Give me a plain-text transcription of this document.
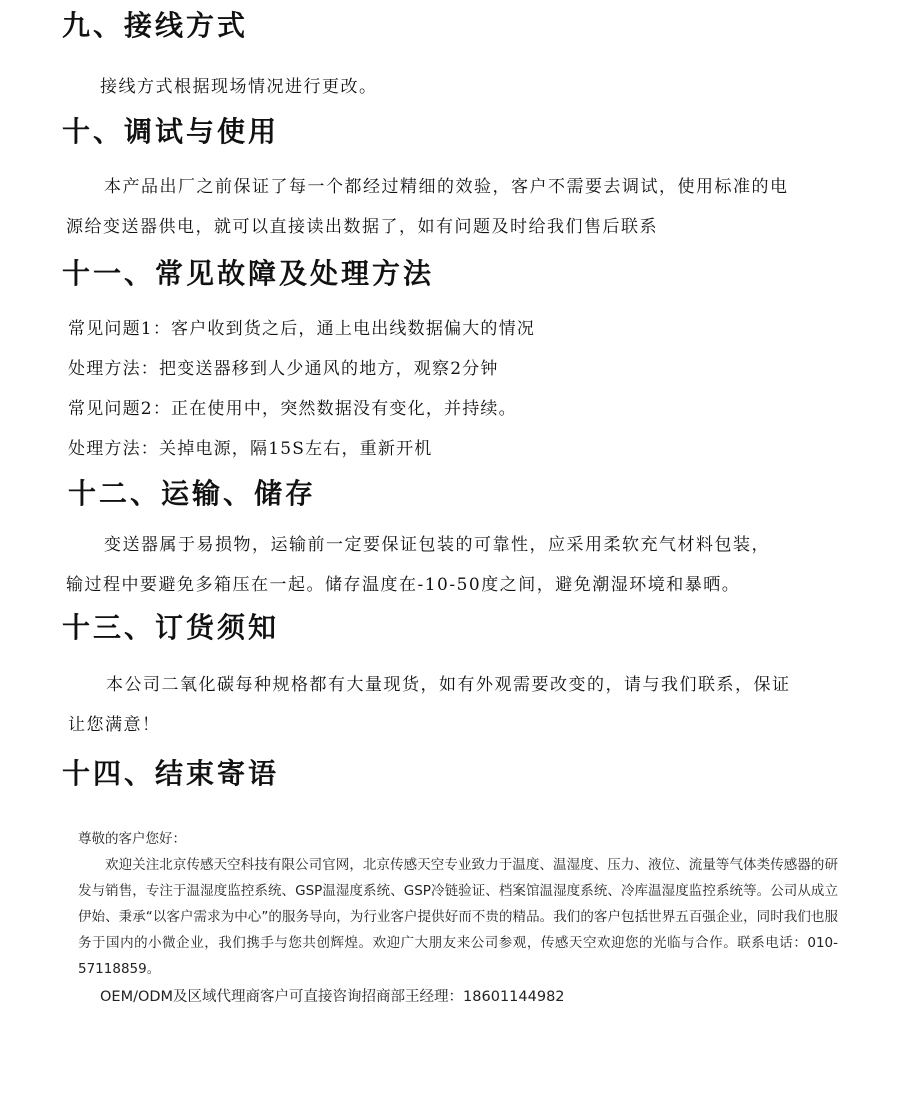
九、接线方式

接线方式根据现场情况进行更改。

十、调试与使用

本产品出厂之前保证了每一个都经过精细的效验，客户不需要去调试，使用标准的电

源给变送器供电，就可以直接读出数据了，如有问题及时给我们售后联系

十一、常见故障及处理方法

常见问题1：客户收到货之后，通上电出线数据偏大的情况

处理方法：把变送器移到人少通风的地方，观察2分钟

常见问题2：正在使用中，突然数据没有变化，并持续。

处理方法：关掉电源，隔15S左右，重新开机

十二、运输、储存

变送器属于易损物，运输前一定要保证包装的可靠性，应采用柔软充气材料包装，

输过程中要避免多箱压在一起。储存温度在-10-50度之间，避免潮湿环境和暴晒。

十三、订货须知

本公司二氧化碳每种规格都有大量现货，如有外观需要改变的，请与我们联系，保证

让您满意！

十四、结束寄语

尊敬的客户您好：

欢迎关注北京传感天空科技有限公司官网，北京传感天空专业致力于温度、温湿度、压力、液位、流量等气体类传感器的研发与销售，专注于温湿度监控系统、GSP温湿度系统、GSP冷链验证、档案馆温湿度系统、冷库温湿度监控系统等。公司从成立伊始、秉承“以客户需求为中心”的服务导向，为行业客户提供好而不贵的精品。我们的客户包括世界五百强企业，同时我们也服务于国内的小微企业，我们携手与您共创辉煌。欢迎广大朋友来公司参观，传感天空欢迎您的光临与合作。联系电话：010-57118859。

OEM/ODM及区域代理商客户可直接咨询招商部王经理：18601144982
